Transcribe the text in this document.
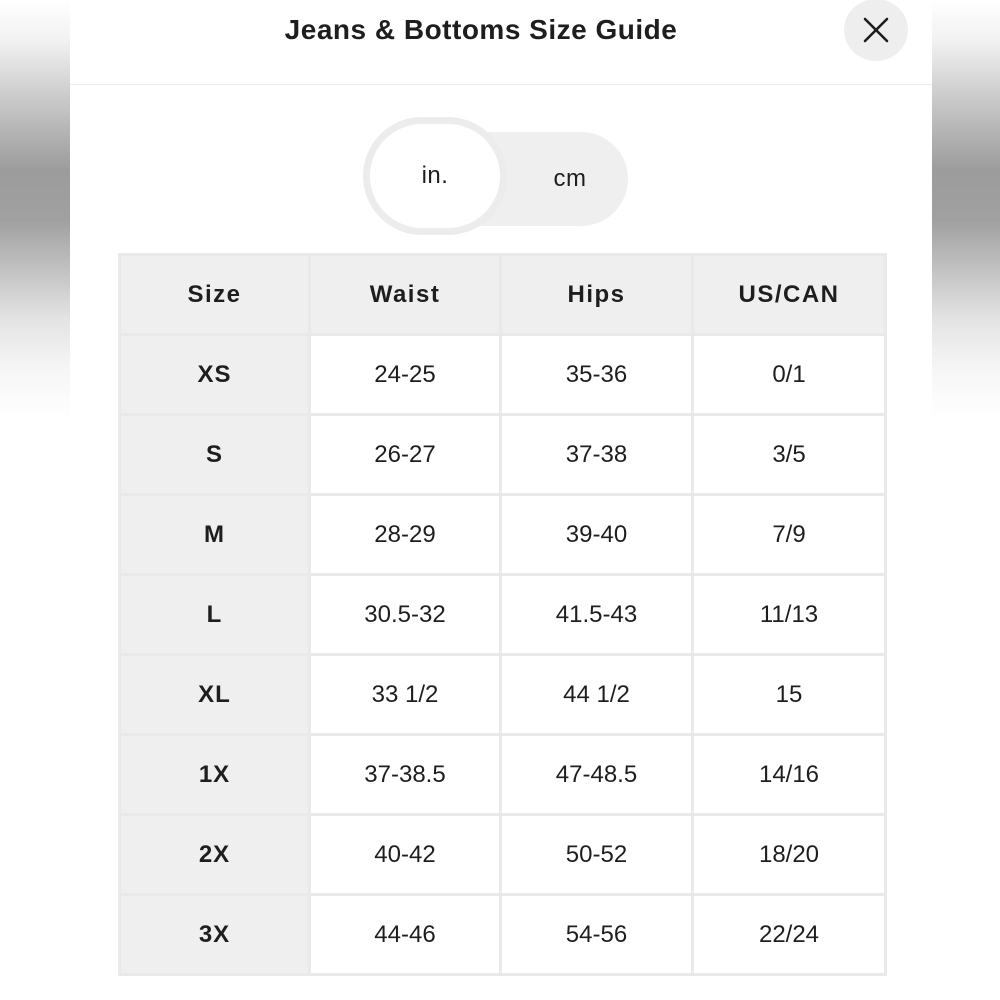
Jeans & Bottoms Size Guide
in.	cm
Size	Waist	Hips	US/CAN
XS	24-25	35-36	0/1
S	26-27	37-38	3/5
M	28-29	39-40	7/9
L	30.5-32	41.5-43	11/13
XL	33 1/2	44 1/2	15
1X	37-38.5	47-48.5	14/16
2X	40-42	50-52	18/20
3X	44-46	54-56	22/24
